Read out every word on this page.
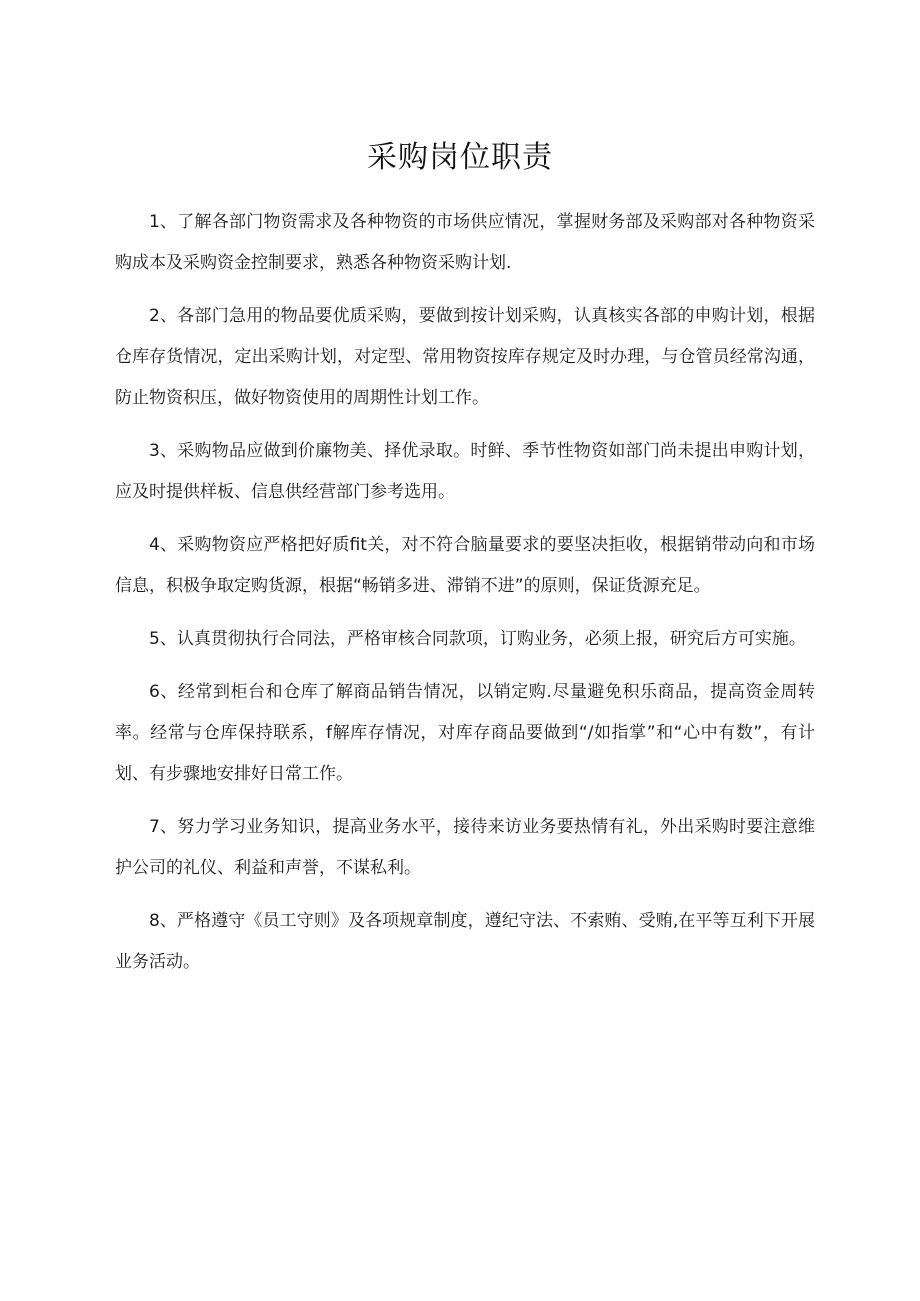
采购岗位职责

1、了解各部门物资需求及各种物资的市场供应情况，掌握财务部及采购部对各种物资采购成本及采购资金控制要求，熟悉各种物资采购计划.

2、各部门急用的物品要优质采购，要做到按计划采购，认真核实各部的申购计划，根据仓库存货情况，定出采购计划，对定型、常用物资按库存规定及时办理，与仓管员经常沟通，防止物资积压，做好物资使用的周期性计划工作。

3、采购物品应做到价廉物美、择优录取。时鲜、季节性物资如部门尚未提出申购计划，应及时提供样板、信息供经营部门参考选用。

4、采购物资应严格把好质fit关，对不符合脑量要求的要坚决拒收，根据销带动向和市场信息，积极争取定购货源，根据“畅销多进、滞销不进”的原则，保证货源充足。

5、认真贯彻执行合同法，严格审核合同款项，订购业务，必须上报，研究后方可实施。

6、经常到柜台和仓库了解商品销告情况，以销定购.尽量避免积乐商品，提高资金周转率。经常与仓库保持联系，f解库存情况，对库存商品要做到“/如指掌”和“心中有数”，有计划、有步骤地安排好日常工作。

7、努力学习业务知识，提高业务水平，接待来访业务要热情有礼，外出采购时要注意维护公司的礼仪、利益和声誉，不谋私利。

8、严格遵守《员工守则》及各项规章制度，遵纪守法、不索贿、受贿,在平等互利下开展业务活动。
